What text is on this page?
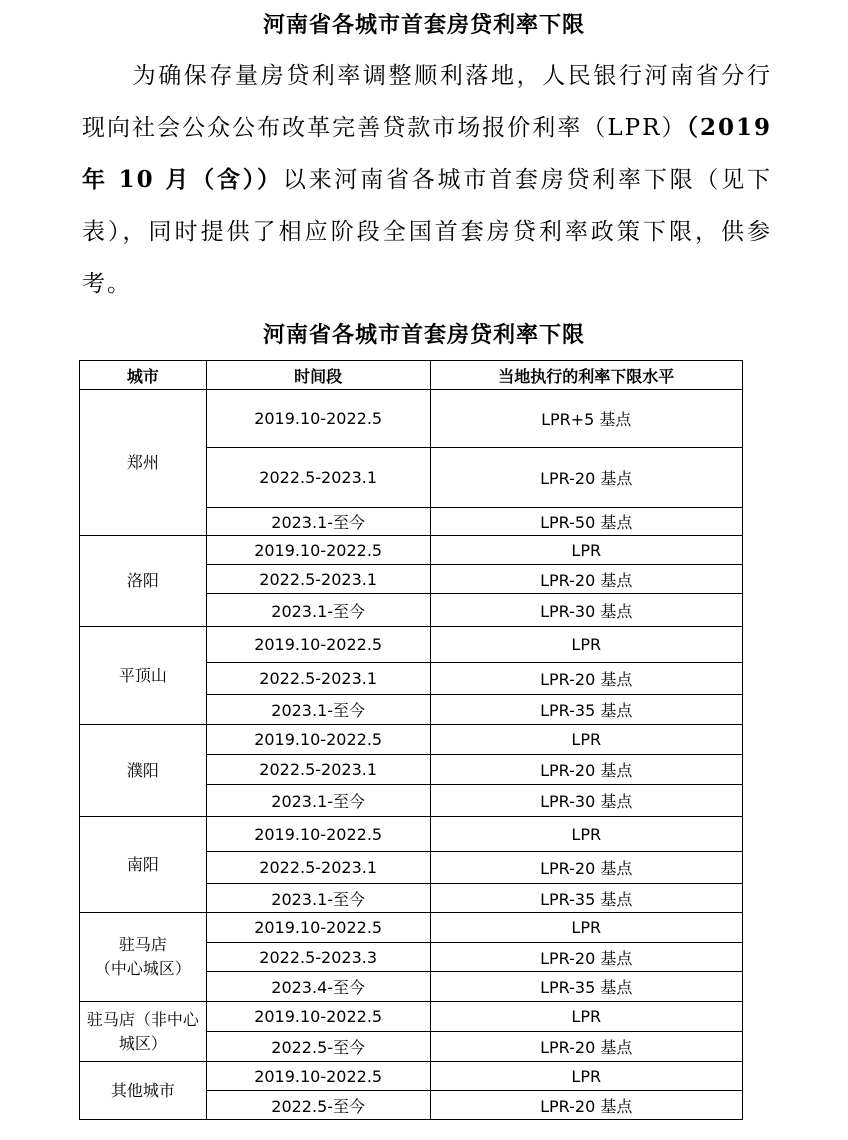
河南省各城市首套房贷利率下限
为确保存量房贷利率调整顺利落地，人民银行河南省分行现向社会公众公布改革完善贷款市场报价利率（LPR）（2019 年 10 月（含））以来河南省各城市首套房贷利率下限（见下表），同时提供了相应阶段全国首套房贷利率政策下限，供参考。
河南省各城市首套房贷利率下限
城市	时间段	当地执行的利率下限水平
郑州	2019.10-2022.5	LPR+5 基点
	2022.5-2023.1	LPR-20 基点
	2023.1-至今	LPR-50 基点
洛阳	2019.10-2022.5	LPR
	2022.5-2023.1	LPR-20 基点
	2023.1-至今	LPR-30 基点
平顶山	2019.10-2022.5	LPR
	2022.5-2023.1	LPR-20 基点
	2023.1-至今	LPR-35 基点
濮阳	2019.10-2022.5	LPR
	2022.5-2023.1	LPR-20 基点
	2023.1-至今	LPR-30 基点
南阳	2019.10-2022.5	LPR
	2022.5-2023.1	LPR-20 基点
	2023.1-至今	LPR-35 基点
驻马店
（中心城区）	2019.10-2022.5	LPR
	2022.5-2023.3	LPR-20 基点
	2023.4-至今	LPR-35 基点
驻马店（非中心
城区）	2019.10-2022.5	LPR
	2022.5-至今	LPR-20 基点
其他城市	2019.10-2022.5	LPR
	2022.5-至今	LPR-20 基点
